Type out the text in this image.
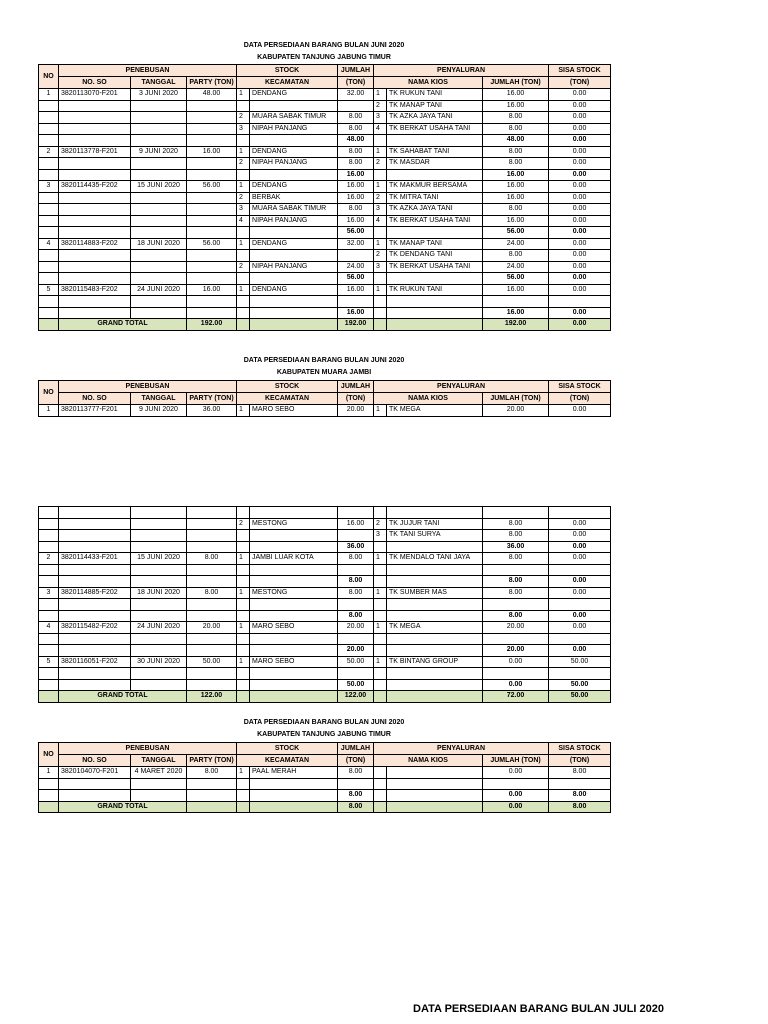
DATA PERSEDIAAN BARANG BULAN JUNI 2020
KABUPATEN TANJUNG JABUNG TIMUR
NO	PENEBUSAN			STOCK		JUMLAH	PENYALURAN			SISA STOCK
	NO. SO	TANGGAL	PARTY (TON)	KECAMATAN		(TON)	NAMA KIOS		JUMLAH (TON)	(TON)
1	3820113070-F201	3 JUNI 2020	48.00	1	DENDANG	32.00	1	TK RUKUN TANI	16.00	0.00
							2	TK MANAP TANI	16.00	0.00
				2	MUARA SABAK TIMUR	8.00	3	TK AZKA JAYA TANI	8.00	0.00
				3	NIPAH PANJANG	8.00	4	TK BERKAT USAHA TANI	8.00	0.00
						48.00			48.00	0.00
2	3820113778-F201	9 JUNI 2020	16.00	1	DENDANG	8.00	1	TK SAHABAT TANI	8.00	0.00
				2	NIPAH PANJANG	8.00	2	TK MASDAR	8.00	0.00
						16.00			16.00	0.00
3	3820114435-F202	15 JUNI 2020	56.00	1	DENDANG	16.00	1	TK MAKMUR BERSAMA	16.00	0.00
				2	BERBAK	16.00	2	TK MITRA TANI	16.00	0.00
				3	MUARA SABAK TIMUR	8.00	3	TK AZKA JAYA TANI	8.00	0.00
				4	NIPAH PANJANG	16.00	4	TK BERKAT USAHA TANI	16.00	0.00
						56.00			56.00	0.00
4	3820114883-F202	18 JUNI 2020	56.00	1	DENDANG	32.00	1	TK MANAP TANI	24.00	0.00
							2	TK DENDANG TANI	8.00	0.00
				2	NIPAH PANJANG	24.00	3	TK BERKAT USAHA TANI	24.00	0.00
						56.00			56.00	0.00
5	3820115483-F202	24 JUNI 2020	16.00	1	DENDANG	16.00	1	TK RUKUN TANI	16.00	0.00

						16.00			16.00	0.00
	GRAND TOTAL		192.00			192.00			192.00	0.00
DATA PERSEDIAAN BARANG BULAN JUNI 2020
KABUPATEN MUARA JAMBI
NO	PENEBUSAN			STOCK		JUMLAH	PENYALURAN			SISA STOCK
	NO. SO	TANGGAL	PARTY (TON)	KECAMATAN		(TON)	NAMA KIOS		JUMLAH (TON)	(TON)
1	3820113777-F201	9 JUNI 2020	36.00	1	MARO SEBO	20.00	1	TK MEGA	20.00	0.00

				2	MESTONG	16.00	2	TK JUJUR TANI	8.00	0.00
							3	TK TANI SURYA	8.00	0.00
						36.00			36.00	0.00
2	3820114433-F201	15 JUNI 2020	8.00	1	JAMBI LUAR KOTA	8.00	1	TK MENDALO TANI JAYA	8.00	0.00

						8.00			8.00	0.00
3	3820114885-F202	18 JUNI 2020	8.00	1	MESTONG	8.00	1	TK SUMBER MAS	8.00	0.00

						8.00			8.00	0.00
4	3820115482-F202	24 JUNI 2020	20.00	1	MARO SEBO	20.00	1	TK MEGA	20.00	0.00

						20.00			20.00	0.00
5	3820116051-F202	30 JUNI 2020	50.00	1	MARO SEBO	50.00	1	TK BINTANG GROUP	0.00	50.00

						50.00			0.00	50.00
	GRAND TOTAL		122.00			122.00			72.00	50.00
DATA PERSEDIAAN BARANG BULAN JUNI 2020
KABUPATEN TANJUNG JABUNG TIMUR
NO	PENEBUSAN			STOCK		JUMLAH	PENYALURAN			SISA STOCK
	NO. SO	TANGGAL	PARTY (TON)	KECAMATAN		(TON)	NAMA KIOS		JUMLAH (TON)	(TON)
1	3820104070-F201	4 MARET 2020	8.00	1	PAAL MERAH	8.00			0.00	8.00

						8.00			0.00	8.00
	GRAND TOTAL					8.00			0.00	8.00
DATA PERSEDIAAN BARANG BULAN JULI 2020
